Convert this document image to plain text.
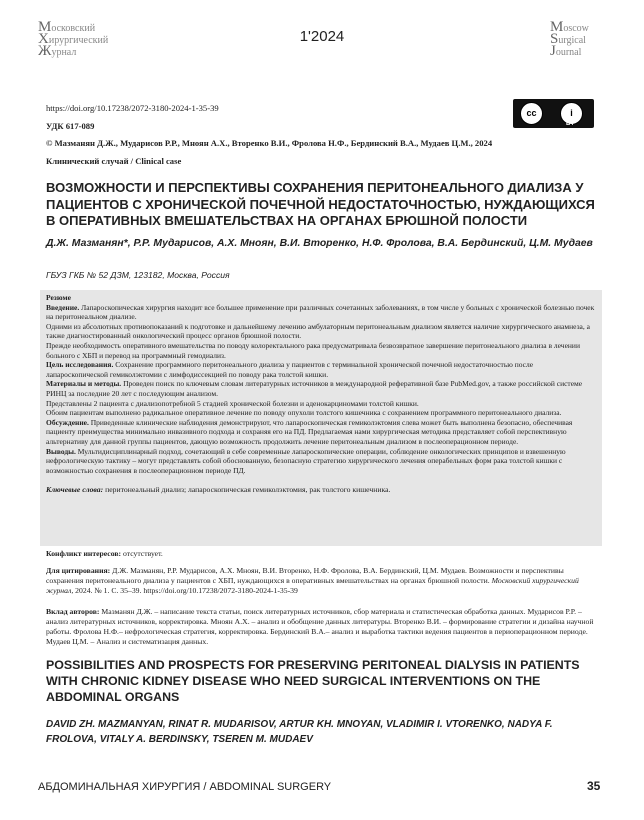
Московский
Хирургический
Журнал
1'2024
Moscow
Surgical
Journal
https://doi.org/10.17238/2072-3180-2024-1-35-39	cc	i
BY
УДК 617-089
© Мазманян Д.Ж., Мударисов Р.Р., Мноян А.Х., Вторенко В.И., Фролова Н.Ф., Бердинский В.А., Мудаев Ц.М., 2024
Клинический случай / Clinical case
ВОЗМОЖНОСТИ И ПЕРСПЕКТИВЫ СОХРАНЕНИЯ ПЕРИТОНЕАЛЬНОГО ДИАЛИЗА У ПАЦИЕНТОВ С ХРОНИЧЕСКОЙ ПОЧЕЧНОЙ НЕДОСТАТОЧНОСТЬЮ, НУЖДАЮЩИХСЯ В ОПЕРАТИВНЫХ ВМЕШАТЕЛЬСТВАХ НА ОРГАНАХ БРЮШНОЙ ПОЛОСТИ
Д.Ж. Мазманян*, Р.Р. Мударисов, А.Х. Мноян, В.И. Вторенко, Н.Ф. Фролова, В.А. Бердинский, Ц.М. Мудаев
ГБУЗ ГКБ № 52 ДЗМ, 123182, Москва, Россия

Резюме

Введение. Лапароскопическая хирургия находит все большее применение при различных сочетанных заболеваниях, в том числе у больных с хронической болезнью почек на перитонеальном диализе.

Одними из абсолютных противопоказаний к подготовке и дальнейшему лечению амбулаторным перитонеальным диализом является наличие хирургического анамнеза, а также диагностированный онкологический процесс органов брюшной полости.

Прежде необходимость оперативного вмешательства по поводу колоректального рака предусматривала безвозвратное завершение перитонеального диализа в лечении больного с ХБП и перевод на программный гемодиализ.

Цель исследования. Сохранение программного перитонеального диализа у пациентов с терминальной хронической почечной недостаточностью после лапароскопической гемиколэктомии с лимфодиссекцией по поводу рака толстой кишки.

Материалы и методы. Проведен поиск по ключевым словам литературных источников в международной реферативной базе PubMed.gov, а также российской системе РИНЦ за последние 20 лет с последующим анализом.

Представлены 2 пациента с диализопотребной 5 стадией хронической болезни и аденокарциномами толстой кишки.

Обоим пациентам выполнено радикальное оперативное лечение по поводу опухоли толстого кишечника с сохранением программного перитонеального диализа.

Обсуждение. Приведенные клинические наблюдения демонстрируют, что лапароскопическая гемиколэктомия слева может быть выполнена безопасно, обеспечивая пациенту преимущества минимально инвазивного подхода и сохраняя его на ПД. Предлагаемая нами хирургическая методика представляет собой перспективную альтернативу для данной группы пациентов, дающую возможность продолжить лечение перитонеальным диализом в послеоперационном периоде.

Выводы. Мультидисциплинарный подход, сочетающий в себе современные лапароскопические операции, соблюдение онкологических принципов и взвешенную нефрологическую тактику – могут представлять собой обоснованную, безопасную стратегию хирургического лечения операбельных форм рака толстой кишки с возможностью сохранения в послеоперационном периоде ПД.

Ключевые слова: перитонеальный диализ; лапароскопическая гемиколэктомия, рак толстого кишечника.

Конфликт интересов: отсутствует.
Для цитирования: Д.Ж. Мазманян, Р.Р. Мударисов, А.Х. Мноян, В.И. Вторенко, Н.Ф. Фролова, В.А. Бердинский, Ц.М. Мудаев. Возможности и перспективы сохранения перитонеального диализа у пациентов с ХБП, нуждающихся в оперативных вмешательствах на органах брюшной полости. Московский хирургический журнал, 2024. № 1. С. 35–39. https://doi.org/10.17238/2072-3180-2024-1-35-39
Вклад авторов: Мазманян Д.Ж. – написание текста статьи, поиск литературных источников, сбор материала и статистическая обработка данных. Мударисов Р.Р. – анализ литературных источников, корректировка. Мноян А.Х. – анализ и обобщение данных литературы. Вторенко В.И. – формирование стратегии и дизайна научной работы. Фролова Н.Ф.– нефрологическая стратегия, корректировка. Бердинский В.А.– анализ и выработка тактики ведения пациентов в периоперационном периоде. Мудаев Ц.М. – Анализ и систематизация данных.
POSSIBILITIES AND PROSPECTS FOR PRESERVING PERITONEAL DIALYSIS IN PATIENTS WITH CHRONIC KIDNEY DISEASE WHO NEED SURGICAL INTERVENTIONS ON THE ABDOMINAL ORGANS
DAVID ZH. MAZMANYAN, RINAT R. MUDARISOV, ARTUR KH. MNOYAN, VLADIMIR I. VTORENKO, NADYA F. FROLOVA, VITALY A. BERDINSKY, TSEREN M. MUDAEV
АБДОМИНАЛЬНАЯ ХИРУРГИЯ / ABDOMINAL SURGERY	35
